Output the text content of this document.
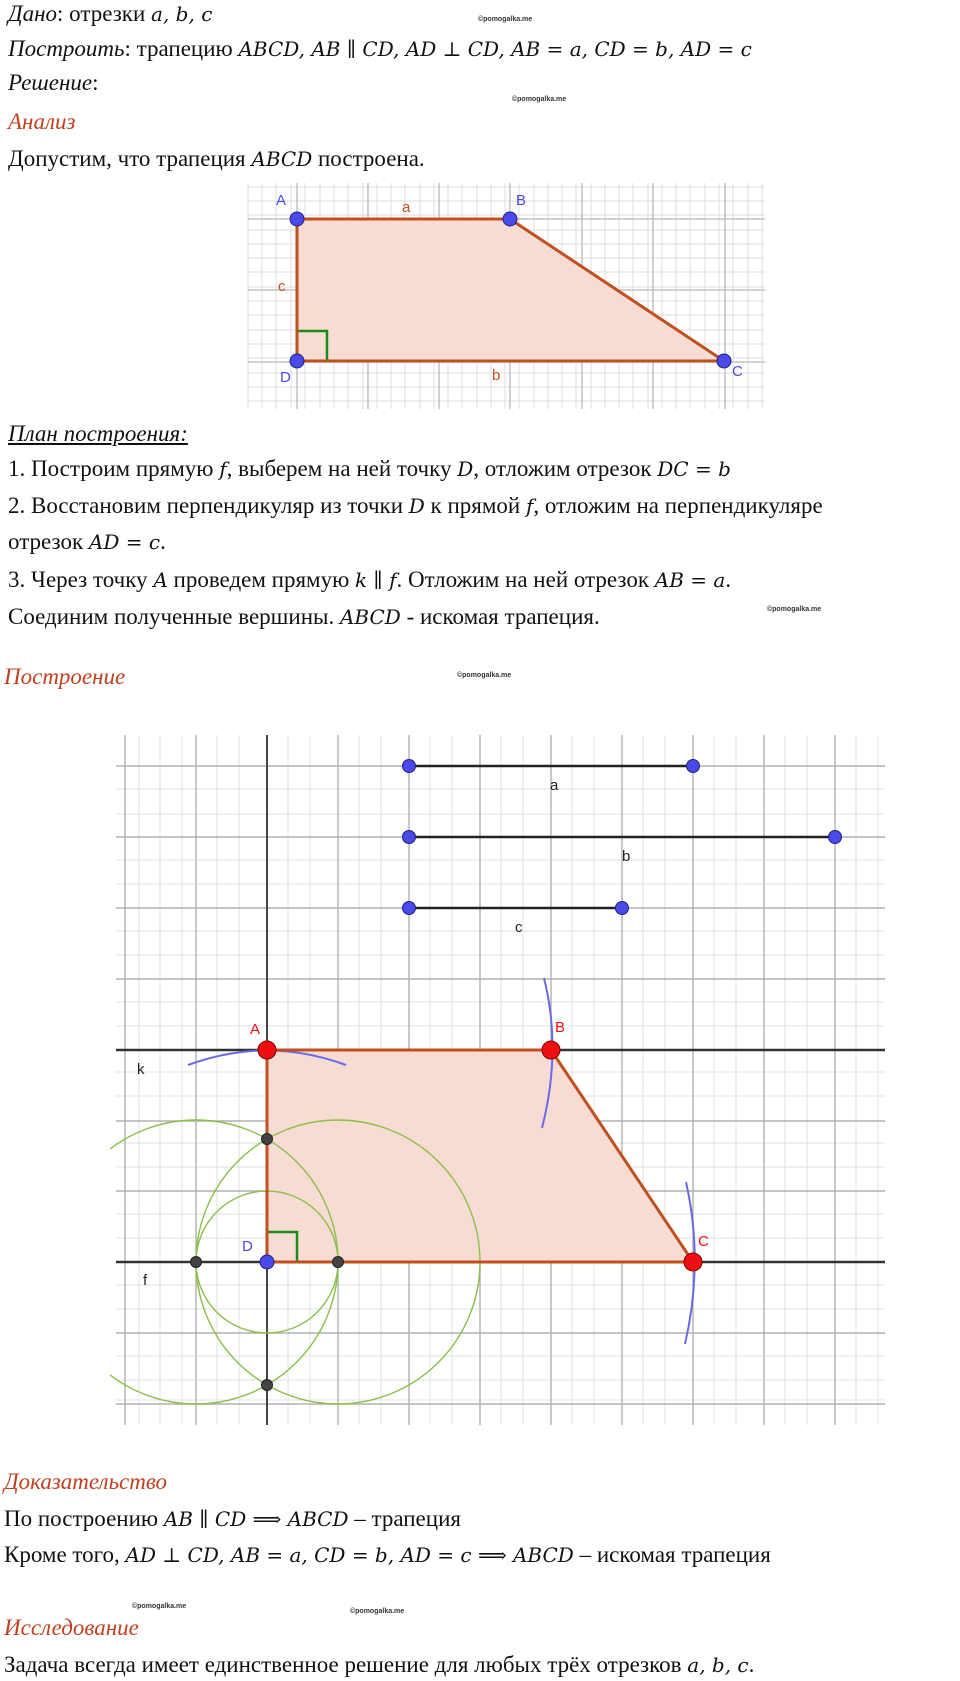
Дано: отрезки a, b, c
Построить: трапецию ABCD, AB ∥ CD, AD ⊥ CD, AB = a, CD = b, AD = c
Решение:
Анализ
Допустим, что трапеция ABCD построена.
©pomogalka.me
©pomogalka.me
©pomogalka.me
©pomogalka.me
©pomogalka.me
©pomogalka.me
A	B
C
D
a
b
c
План построения:
1. Построим прямую f, выберем на ней точку D, отложим отрезок DC = b
2. Восстановим перпендикуляр из точки D к прямой f, отложим на перпендикуляре
отрезок AD = c.
3. Через точку A проведем прямую k ∥ f. Отложим на ней отрезок AB = a.
Соединим полученные вершины. ABCD - искомая трапеция.
Построение
a
b
c
A	B
C
D
k
f
Доказательство
По построению AB ∥ CD ⟹ ABCD – трапеция
Кроме того, AD ⊥ CD, AB = a, CD = b, AD = c ⟹ ABCD – искомая трапеция
Исследование
Задача всегда имеет единственное решение для любых трёх отрезков a, b, c.
